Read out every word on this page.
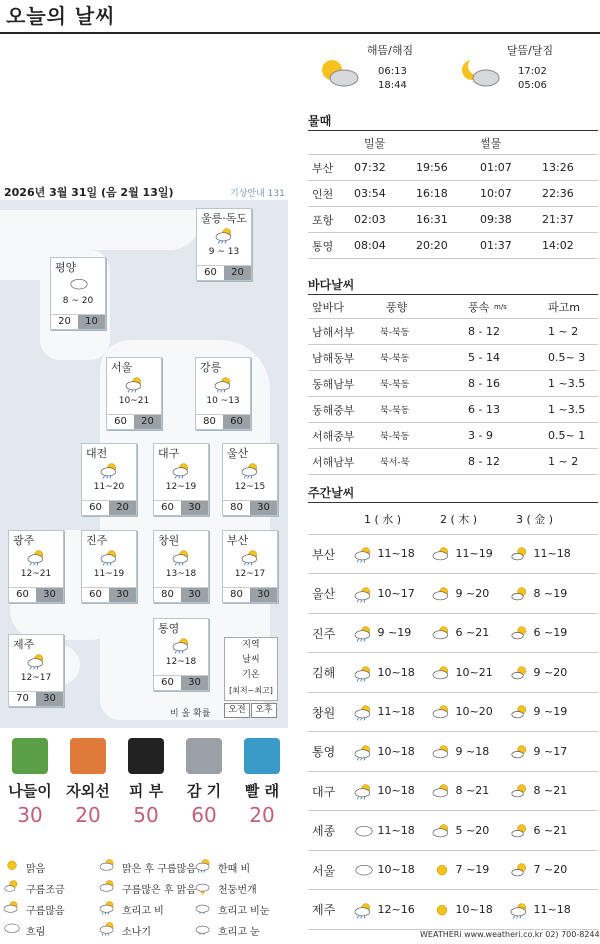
오늘의 날씨
2026년 3월 31일 (음 2월 13일)	기상안내 131
울릉·독도
9 ~ 13
60	20
평양
8 ~ 20
20	10
서울
10~21
60	20
강릉
10 ~13
80	60
대전
11~20
60	20
대구
12~19
60	30
울산
12~15
80	30
광주
12~21
60	30
진주
11~19
60	30
창원
13~18
80	30
부산
12~17
80	30
통영
12~18
60	30
제주
12~17
70	30
지역
날씨
기온
[최저~최고]
비 올 확률	오전	오후
나들이
30
자외선
20
피 부
50
감 기
60
빨 래
20
맑음	맑은 후 구름많음 한때 비
구름조금	구름많은 후 맑음 천둥번개
구름많음	흐리고 비	* * 흐리고 비눈
흐림	소나기	* * 흐리고 눈
해뜸/해짐
06:13
18:44
달뜸/달짐
17:02
05:06
물때
밀물	썰물
부산 07:32	19:56	01:07	13:26
인천 03:54	16:18	10:07	22:36
포항 02:03	16:31	09:38	21:37
통영 08:04	20:20	01:37	14:02
바다날씨
앞바다	풍향	풍속 m/s	파고m
남해서부	북-북동	8 - 12	1 ~ 2
남해동부	북-북동	5 - 14	0.5~ 3
동해남부	북-북동	8 - 16	1 ~3.5
동해중부	북-북동	6 - 13	1 ~3.5
서해중부	북-북동	3 - 9	0.5~ 1
서해남부	북서-북	8 - 12	1 ~ 2
주간날씨
1 ( 水 )	2 ( 木 )	3 ( 金 )
부산	11~18	11~19	11~18
울산	10~17	9 ~20	8 ~19
진주	9 ~19	6 ~21	6 ~19
김해	10~18	10~21	9 ~20
창원	11~18	10~20	9 ~19
통영	10~18	9 ~18	9 ~17
대구	10~18	8 ~21	8 ~21
세종	11~18	5 ~20	6 ~21
서울	10~18	7 ~19	7 ~20
제주	12~16	10~18	11~18
WEATHERi www.weatheri.co.kr 02) 700-8244
